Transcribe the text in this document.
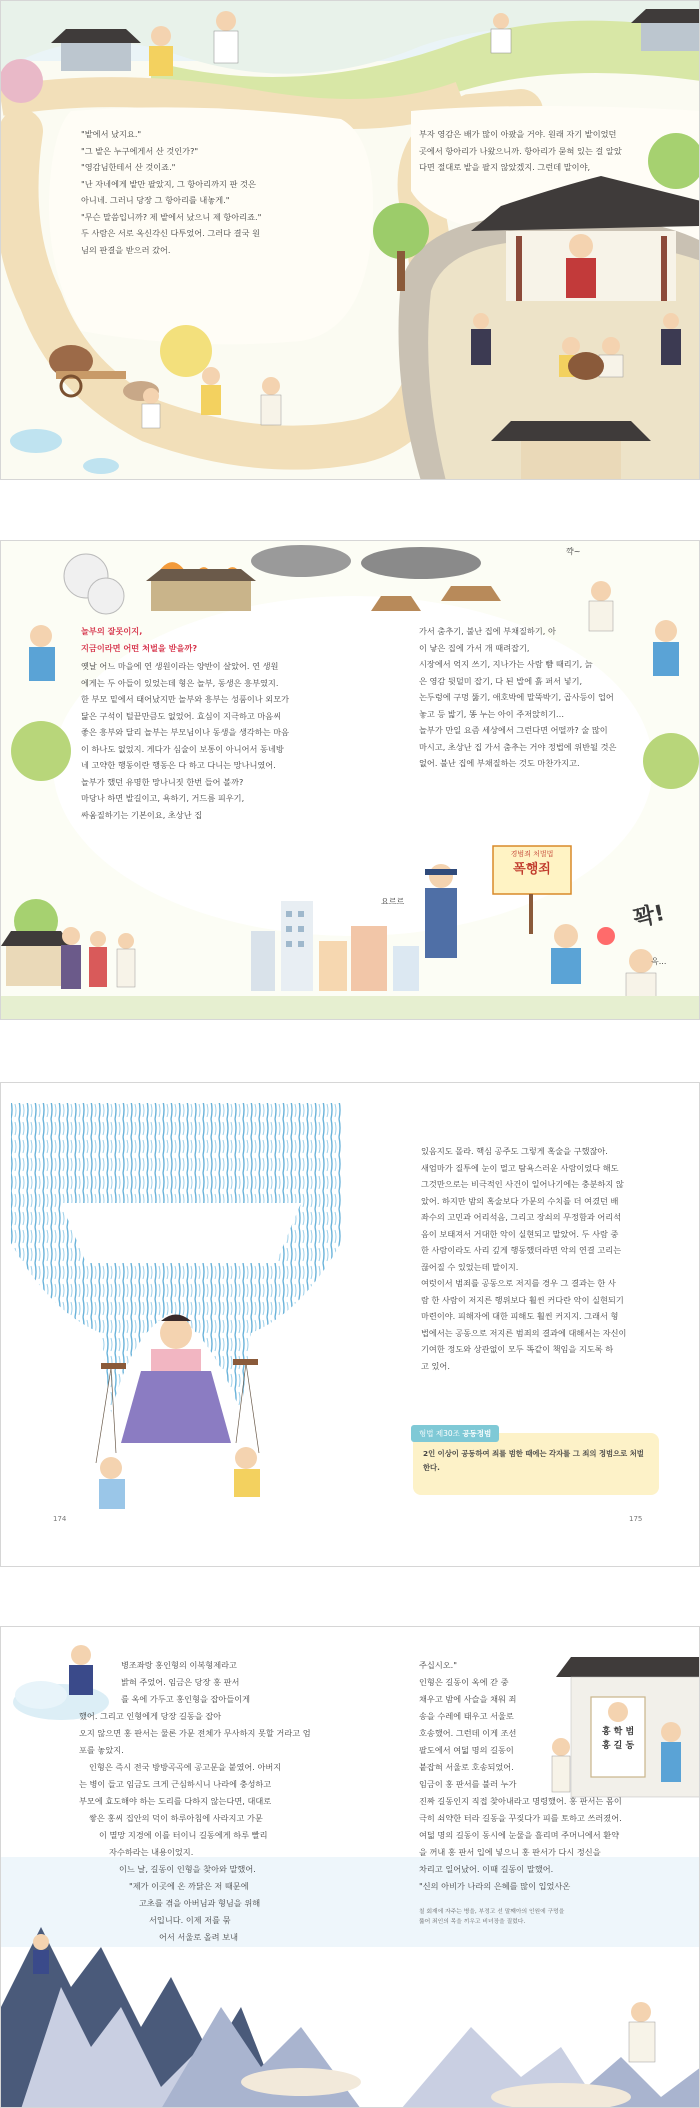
"밭에서 났지요."

"그 밭은 누구에게서 산 것인가?"

"영감님한테서 산 것이죠."

"난 자네에게 밭만 팔았지, 그 항아리까지 판 것은

아니네. 그러니 당장 그 항아리를 내놓게."

"무슨 말씀입니까? 제 밭에서 났으니 제 항아리죠."

두 사람은 서로 옥신각신 다투었어. 그러다 결국 원

님의 판결을 받으러 갔어.

부자 영감은 배가 많이 아팠을 거야. 원래 자기 밭이었던

곳에서 항아리가 나왔으니까. 항아리가 묻혀 있는 걸 알았

다면 절대로 밭을 팔지 않았겠지. 그런데 말이야,

놀부의 잘못이지,

지금이라면 어떤 처벌을 받을까?

옛날 어느 마을에 연 생원이라는 양반이 살았어. 연 생원

에게는 두 아들이 있었는데 형은 놀부, 동생은 흥부였지.

한 부모 밑에서 태어났지만 놀부와 흥부는 성품이나 외모가

닮은 구석이 털끝만큼도 없었어. 효심이 지극하고 마음씨

좋은 흥부와 달리 놀부는 부모님이나 동생을 생각하는 마음

이 하나도 없었지. 게다가 심술이 보통이 아니어서 동네방

네 고약한 행동이란 행동은 다 하고 다니는 망나니였어.

놀부가 했던 유명한 망나니짓 한번 들어 볼까?

마당나 하면 발길이고, 욕하기, 거드름 피우기,

싸움질하기는 기본이요, 초상난 집

가서 춤추기, 불난 집에 부채질하기, 아

이 낳은 집에 가서 개 때려잡기,

시장에서 억지 쓰기, 지나가는 사람 뺨 때리기, 늙

은 영감 뒷덜미 잡기, 다 된 밥에 흙 퍼서 넣기,

논두렁에 구멍 뚫기, 애호박에 말뚝박기, 곱사등이 업어

놓고 등 밟기, 똥 누는 아이 주저앉히기…

놀부가 만일 요즘 세상에서 그런다면 어떨까? 술 많이

마시고, 초상난 집 가서 춤추는 거야 정법에 위반될 것은

없어. 불난 집에 부채질하는 것도 마찬가지고.

경범죄 처벌법
폭행죄
꽉!
요르르
윽...
꺅~
174	175

있음지도 몰라. 핵심 공주도 그렇게 혹술을 구했잖아.

새엄마가 질투에 눈이 멀고 탐욕스러운 사람이었다 해도

그것만으로는 비극적인 사건이 일어나기에는 충분하지 않

았어. 하지만 밤의 혹술보다 가문의 수치를 더 여겼던 배

좌수의 고민과 어리석음, 그리고 장쇠의 무정함과 어리석

음이 보태져서 거대한 악이 실현되고 말았어. 두 사람 중

한 사람이라도 사리 깊게 행동했더라면 악의 연결 고리는

끊어질 수 있었는데 말이지.

여럿이서 범죄를 공동으로 저지를 경우 그 결과는 한 사

람 한 사람이 저지른 행위보다 훨씬 커다란 악이 실현되기

마련이야. 피해자에 대한 피해도 훨씬 커지지. 그래서 형

법에서는 공동으로 저지른 범죄의 결과에 대해서는 자신이

기여한 정도와 상관없이 모두 똑같이 책임을 지도록 하

고 있어.

형법 제30조 공동정범

2인 이상이 공동하여 죄를 범한 때에는 각자를 그 죄의 정범으로 처벌

한다.

병조좌랑 홍인형의 이복형제라고

밝혀 주었어. 임금은 당장 홍 판서

를 옥에 가두고 홍인형을 잡아들이게

했어. 그리고 인형에게 당장 길동을 잡아

오지 않으면 홍 판서는 물론 가문 전체가 무사하지 못할 거라고 엄

포를 놓았지.

인형은 즉시 전국 방방곡곡에 공고문을 붙였어. 아버지

는 병이 들고 임금도 크게 근심하시니 나라에 충성하고

부모에 효도해야 하는 도리를 다하지 않는다면, 대대로

쌓은 홍씨 집안의 덕이 하루아침에 사라지고 가문

이 멸망 지경에 이를 터이니 길동에게 하루 빨리

자수하라는 내용이었지.

이느 날, 길동이 인형을 찾아와 말했어.

"제가 이곳에 온 까닭은 저 때문에

고초를 겪을 아버님과 형님을 위해

서입니다. 이제 저를 묶

어서 서울로 올려 보내

주십시오."

인형은 길동이 옥에 갇 중

채우고 밤에 사슬을 채워 죄

송을 수레에 태우고 서울로

호송했어. 그런데 이게 조선

팔도에서 여덟 명의 길동이

붙잡혀 서울로 호송되었어.

임금이 홍 판서를 불러 누가

진짜 길동인지 직접 찾아내라고 명령했어. 홍 판서는 몸이

극히 쇠약한 터라 길동을 꾸짖다가 피를 토하고 쓰러졌어.

여덟 명의 길동이 동시에 눈물을 흘리며 주머니에서 환약

을 꺼내 홍 판서 입에 넣으니 홍 판서가 다시 정신을

차리고 일어났어. 이때 길동이 말했어.

"신의 아비가 나라의 은혜를 많이 입었사온

칠 회재에 자주는 병을, 부정고 선 말째아의 인원에 구멍을

뚫어 죄인의 목을 끼우고 비녀장을 질렀다.

홍 학 범
홍 길 동
